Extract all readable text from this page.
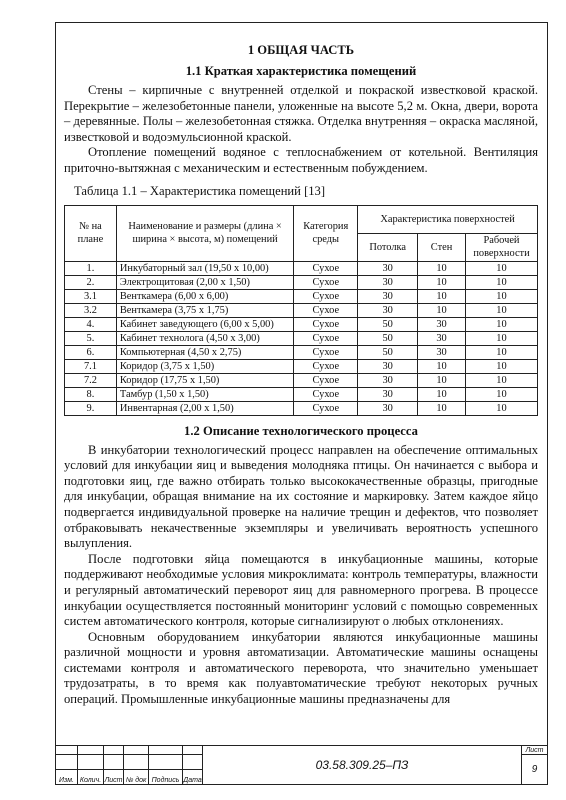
1 ОБЩАЯ ЧАСТЬ
1.1 Краткая характеристика помещений

Стены – кирпичные с внутренней отделкой и покраской известковой краской. Перекрытие – железобетонные панели, уложенные на высоте 5,2 м. Окна, двери, ворота – деревянные. Полы – железобетонная стяжка. Отделка внутренняя – окраска масляной, известковой и водоэмульсионной краской.

Отопление помещений водяное с теплоснабжением от котельной. Вентиляция приточно-вытяжная с механическим и естественным побуждением.

Таблица 1.1 – Характеристика помещений [13]
№ на плане	Наименование и размеры (длина × ширина × высота, м) помещений	Категория среды	Характеристика поверхностей		
			Потолка	Стен	Рабочей поверхности
1.	Инкубаторный зал (19,50 х 10,00)	Сухое	30	10	10
2.	Электрощитовая (2,00 х 1,50)	Сухое	30	10	10
3.1	Венткамера (6,00 х 6,00)	Сухое	30	10	10
3.2	Венткамера (3,75 х 1,75)	Сухое	30	10	10
4.	Кабинет заведующего (6,00 х 5,00)	Сухое	50	30	10
5.	Кабинет технолога (4,50 х 3,00)	Сухое	50	30	10
6.	Компьютерная (4,50 х 2,75)	Сухое	50	30	10
7.1	Коридор (3,75 х 1,50)	Сухое	30	10	10
7.2	Коридор (17,75 х 1,50)	Сухое	30	10	10
8.	Тамбур (1,50 х 1,50)	Сухое	30	10	10
9.	Инвентарная (2,00 х 1,50)	Сухое	30	10	10
1.2 Описание технологического процесса

В инкубатории технологический процесс направлен на обеспечение оптимальных условий для инкубации яиц и выведения молодняка птицы. Он начинается с выбора и подготовки яиц, где важно отбирать только высококачественные образцы, пригодные для инкубации, обращая внимание на их состояние и маркировку. Затем каждое яйцо подвергается индивидуальной проверке на наличие трещин и дефектов, что позволяет отбраковывать некачественные экземпляры и увеличивать вероятность успешного вылупления.

После подготовки яйца помещаются в инкубационные машины, которые поддерживают необходимые условия микроклимата: контроль температуры, влажности и регулярный автоматический переворот яиц для равномерного прогрева. В процессе инкубации осуществляется постоянный мониторинг условий с помощью современных систем автоматического контроля, которые сигнализируют о любых отклонениях.

Основным оборудованием инкубатории являются инкубационные машины различной мощности и уровня автоматизации. Автоматические машины оснащены системами контроля и автоматического переворота, что значительно уменьшает трудозатраты, в то время как полуавтоматические требуют некоторых ручных операций. Промышленные инкубационные машины предназначены для

						03.58.309.25–ПЗ	Лист
							9
Изм.	Колич.	Лист	№ док	Подпись	Дата		
